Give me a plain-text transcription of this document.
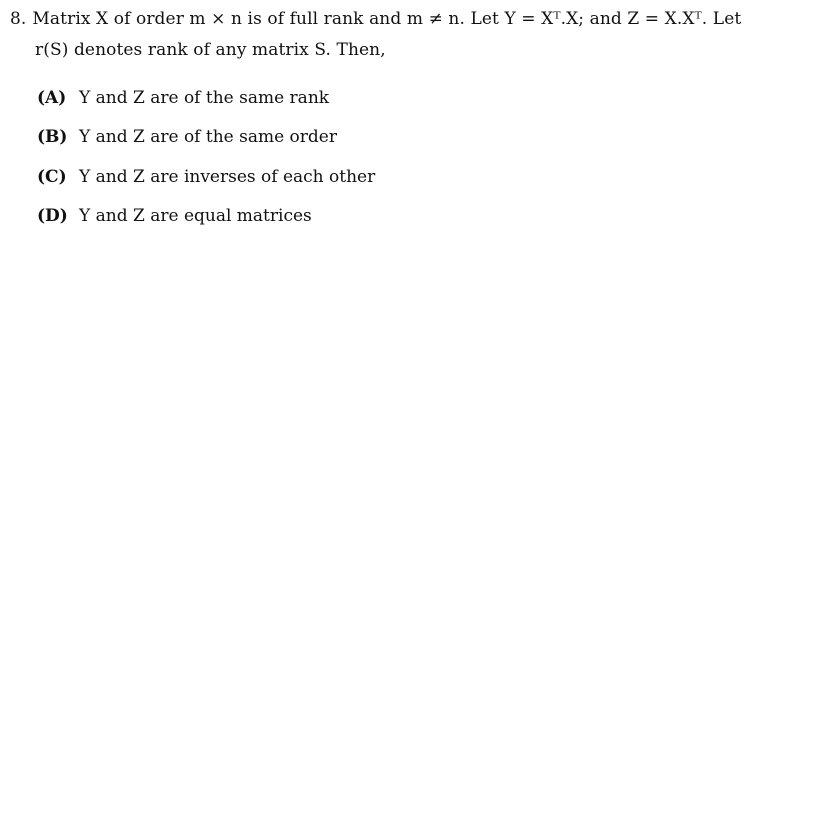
8. Matrix X of order m × n is of full rank and m ≠ n. Let Y = Xᵀ.X; and Z = X.Xᵀ. Let
r(S) denotes rank of any matrix S. Then,
(A) Y and Z are of the same rank
(B) Y and Z are of the same order
(C) Y and Z are inverses of each other
(D) Y and Z are equal matrices
